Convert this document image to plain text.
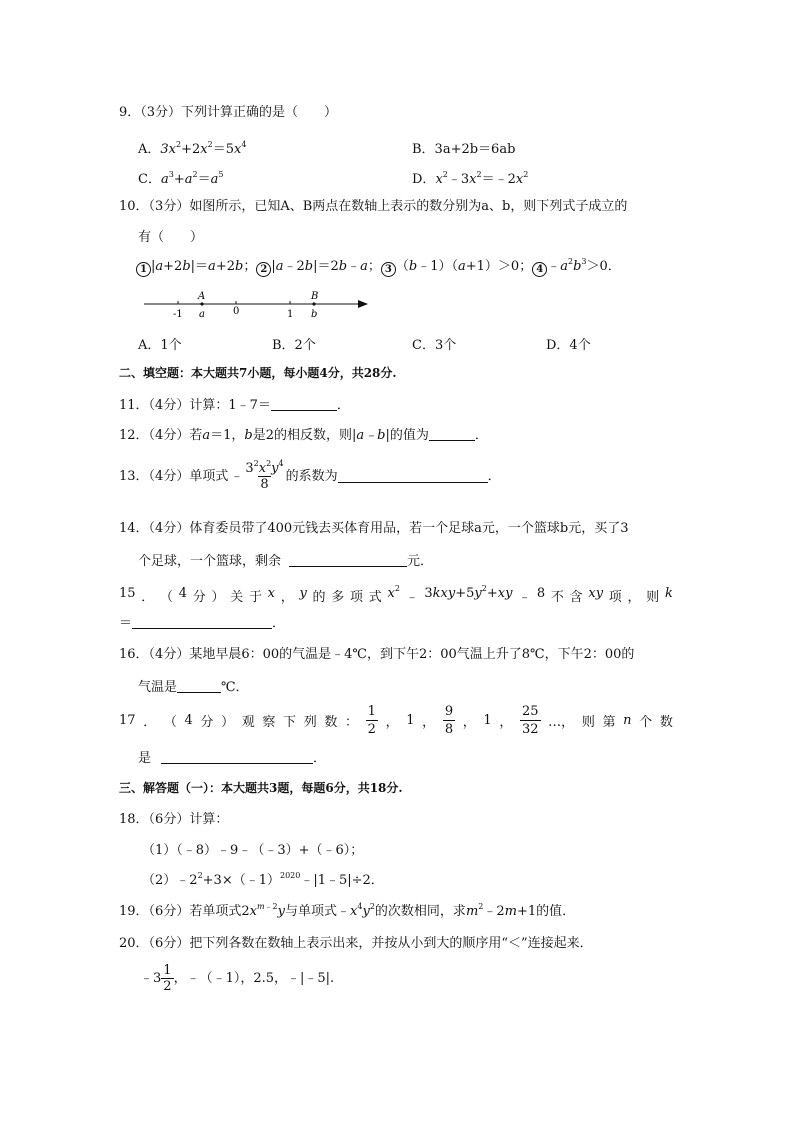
9．（3分）下列计算正确的是（　　）
A．$3x^2+2x^2=5x^4$	B．3a+2b＝6ab
C．$a^3+a^2=a^5$	D．$x^2﹣3x^2=﹣2x^2$
10．（3分）如图所示，已知A、B两点在数轴上表示的数分别为a、b，则下列式子成立的
有（　　）
1 |a+2b|＝a+2b； 2 |a﹣2b|＝2b﹣a； 3 （b﹣1）（a+1）＞0； 4 $﹣a^2b^3>0$．
A	B
-1 a	0	1 b
A．1个	B．2个	C．3个	D．4个
二、填空题：本大题共7小题，每小题4分，共28分.
11．（4分）计算：1﹣7＝	．
12．（4分）若a＝1，b是2的相反数，则|a﹣b|的值为	．
13．（4分）单项式 ﹣ $\frac{3^2x^2y^4}{8}$ 的系数为	．
14．（4分）体育委员带了400元钱去买体育用品，若一个足球a元，一个篮球b元，买了3
个足球，一个篮球，剩余	元．
15 ． （ 4 分 ） 关 于 x ， y 的 多 项 式 $x^2$
﹣ $3kxy+5y^2+xy$ ﹣ 8 不 含 xy 项 ， 则 k
＝	．
16．（4分）某地早晨6：00的气温是﹣4℃，到下午2：00气温上升了8℃，下午2：00的
气温是	℃．
17 ． （ 4 分 ） 观 察 下 列 数 ： $\frac{1}{2}$ ， 1 ， $\frac{9}{8}$ ， 1 ， $\frac{25}{32}$ …， 则 第 n 个 数
是	．
三、解答题（一）：本大题共3题，每题6分，共18分.
18．（6分）计算：
（1）（﹣8）﹣9﹣（﹣3）+（﹣6）；
$(2)﹣2^2+3\times(﹣1)^{2020}﹣|1﹣5|\div 2$．
19．（6分）若单项式$2x^{m﹣2}y$与单项式$﹣x^4y^2$的次数相同，求$m^2﹣2m+1$的值．
20．（6分）把下列各数在数轴上表示出来，并按从小到大的顺序用“＜”连接起来．
﹣3 $\frac{1}{2}$ ，﹣（﹣1），2.5，﹣|﹣5|.
